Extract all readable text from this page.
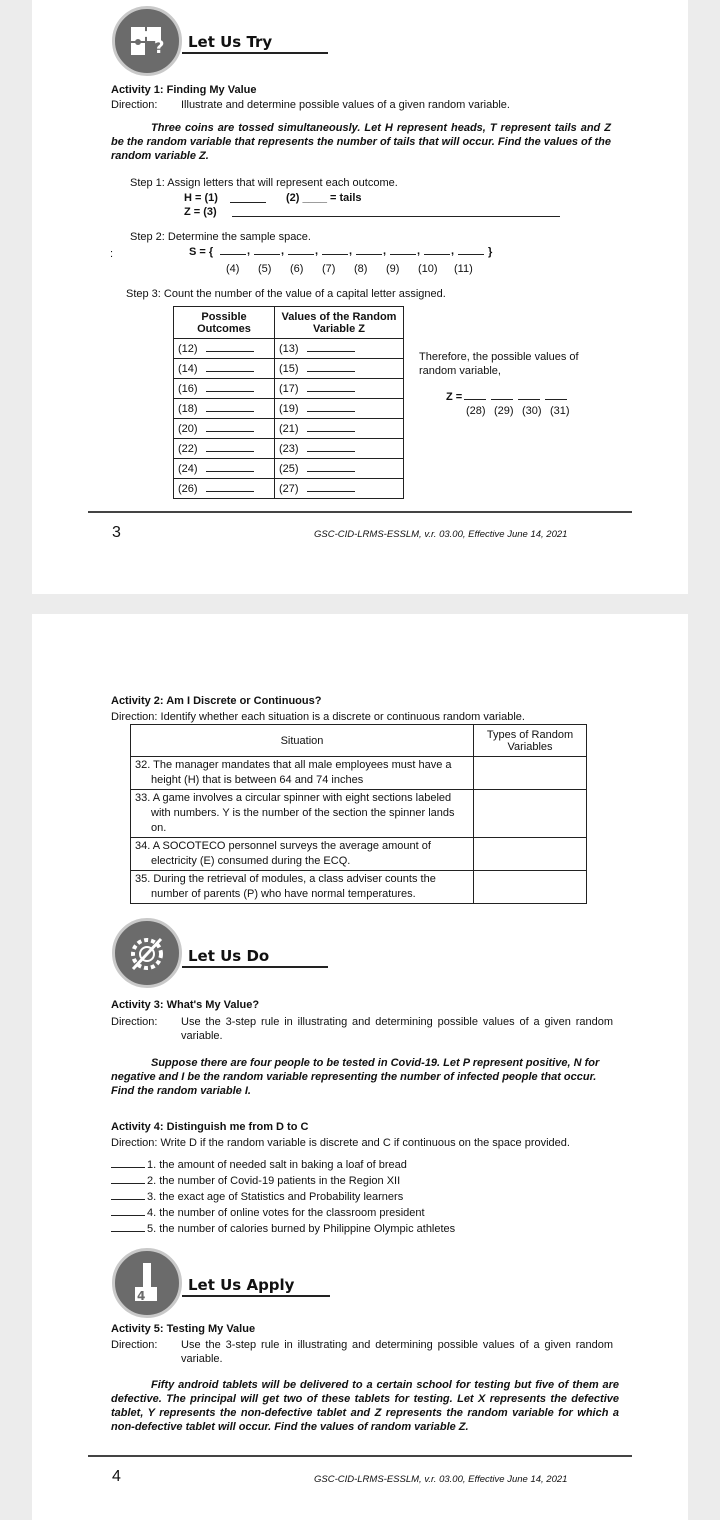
? Let Us Try
Activity 1: Finding My Value
Direction: Illustrate and determine possible values of a given random variable.
Three coins are tossed simultaneously. Let H represent heads, T represent tails and Z be the random variable that represents the number of tails that will occur. Find the values of the random variable Z.
Step 1: Assign letters that will represent each outcome.
H = (1)	(2) ____ = tails
Z = (3)
Step 2: Determine the sample space.
:	S = {	,	,	,	,	,	,	,	}
(4) (5) (6) (7) (8) (9) (10) (11)
Step 3: Count the number of the value of a capital letter assigned.
Possible Outcomes	Values of the Random Variable Z
(12)	(13)
(14)	(15)
(16)	(17)
(18)	(19)
(20)	(21)
(22)	(23)
(24)	(25)
(26)	(27)
Therefore, the possible values of random variable,
Z =
(28) (29) (30) (31)
3	GSC-CID-LRMS-ESSLM, v.r. 03.00, Effective June 14, 2021
Activity 2: Am I Discrete or Continuous?
Direction: Identify whether each situation is a discrete or continuous random variable.
Situation	Types of Random Variables
32. The manager mandates that all male employees must have a height (H) that is between 64 and 74 inches	
33. A game involves a circular spinner with eight sections labeled with numbers. Y is the number of the section the spinner lands on.	
34. A SOCOTECO personnel surveys the average amount of electricity (E) consumed during the ECQ.	
35. During the retrieval of modules, a class adviser counts the number of parents (P) who have normal temperatures.	
Let Us Do
Activity 3: What's My Value?
Direction: Use the 3-step rule in illustrating and determining possible values of a given random variable.
Suppose there are four people to be tested in Covid-19. Let P represent positive, N for negative and I be the random variable representing the number of infected people that occur. Find the random variable I.
Activity 4: Distinguish me from D to C
Direction: Write D if the random variable is discrete and C if continuous on the space provided.
1. the amount of needed salt in baking a loaf of bread
2. the number of Covid-19 patients in the Region XII
3. the exact age of Statistics and Probability learners
4. the number of online votes for the classroom president
5. the number of calories burned by Philippine Olympic athletes
4
Let Us Apply
Activity 5: Testing My Value
Direction: Use the 3-step rule in illustrating and determining possible values of a given random variable.
Fifty android tablets will be delivered to a certain school for testing but five of them are defective. The principal will get two of these tablets for testing. Let X represents the defective tablet, Y represents the non-defective tablet and Z represents the random variable for which a non-defective tablet will occur. Find the values of random variable Z.
4	GSC-CID-LRMS-ESSLM, v.r. 03.00, Effective June 14, 2021
